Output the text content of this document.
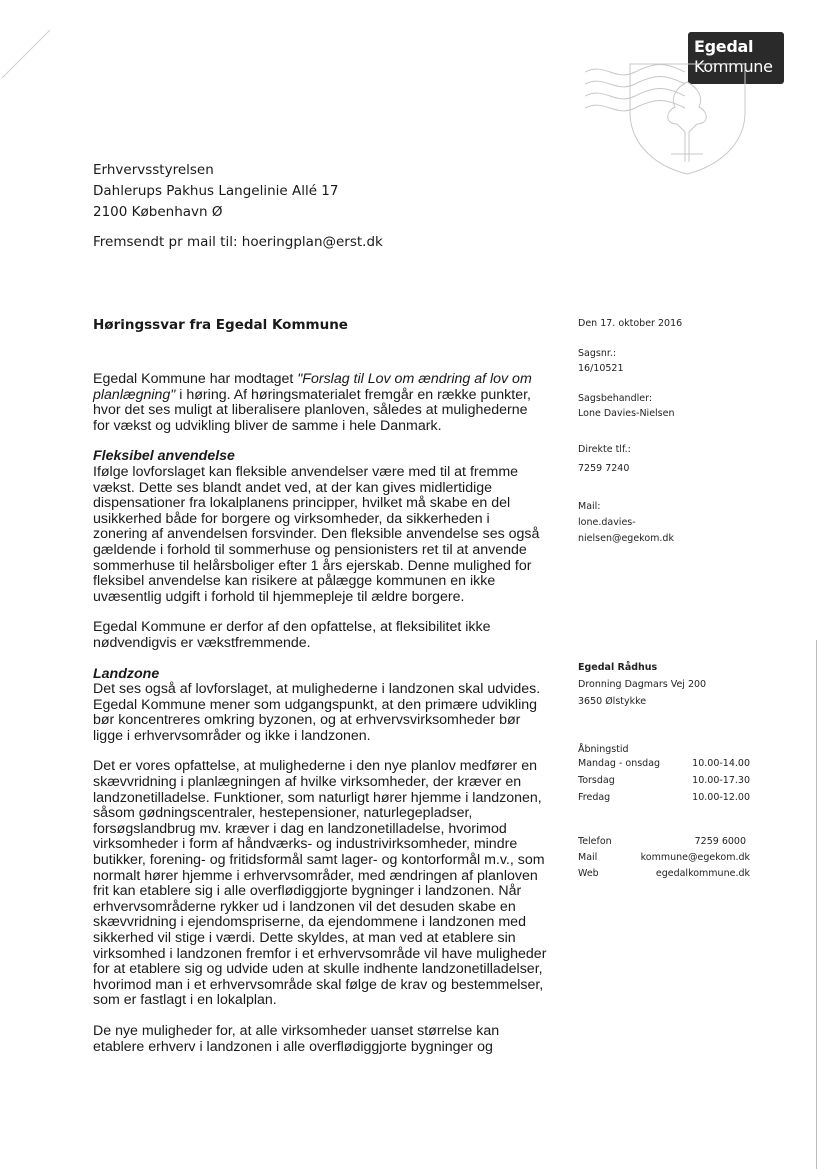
Egedal
Kommune
Erhvervsstyrelsen
Dahlerups Pakhus Langelinie Allé 17
2100 København Ø
Fremsendt pr mail til: hoeringplan@erst.dk
Høringssvar fra Egedal Kommune

Egedal Kommune har modtaget "Forslag til Lov om ændring af lov om planlægning" i høring. Af høringsmaterialet fremgår en række punkter, hvor det ses muligt at liberalisere planloven, således at mulighederne for vækst og udvikling bliver de samme i hele Danmark.

Fleksibel anvendelse

Ifølge lovforslaget kan fleksible anvendelser være med til at fremme vækst. Dette ses blandt andet ved, at der kan gives midlertidige dispensationer fra lokalplanens principper, hvilket må skabe en del usikkerhed både for borgere og virksomheder, da sikkerheden i zonering af anvendelsen forsvinder. Den fleksible anvendelse ses også gældende i forhold til sommerhuse og pensionisters ret til at anvende sommerhuse til helårsboliger efter 1 års ejerskab. Denne mulighed for fleksibel anvendelse kan risikere at pålægge kommunen en ikke uvæsentlig udgift i forhold til hjemmepleje til ældre borgere.

Egedal Kommune er derfor af den opfattelse, at fleksibilitet ikke nødvendigvis er vækstfremmende.

Landzone

Det ses også af lovforslaget, at mulighederne i landzonen skal udvides. Egedal Kommune mener som udgangspunkt, at den primære udvikling bør koncentreres omkring byzonen, og at erhvervsvirksomheder bør ligge i erhvervsområder og ikke i landzonen.

Det er vores opfattelse, at mulighederne i den nye planlov medfører en skævvridning i planlægningen af hvilke virksomheder, der kræver en landzonetilladelse. Funktioner, som naturligt hører hjemme i landzonen, såsom gødningscentraler, hestepensioner, naturlegepladser, forsøgslandbrug mv. kræver i dag en landzonetilladelse, hvorimod virksomheder i form af håndværks- og industrivirksomheder, mindre butikker, forening- og fritidsformål samt lager- og kontorformål m.v., som normalt hører hjemme i erhvervsområder, med ændringen af planloven frit kan etablere sig i alle overflødiggjorte bygninger i landzonen. Når erhvervsområderne rykker ud i landzonen vil det desuden skabe en skævvridning i ejendomspriserne, da ejendommene i landzonen med sikkerhed vil stige i værdi. Dette skyldes, at man ved at etablere sin virksomhed i landzonen fremfor i et erhvervsområde vil have muligheder for at etablere sig og udvide uden at skulle indhente landzonetilladelser, hvorimod man i et erhvervsområde skal følge de krav og bestemmelser, som er fastlagt i en lokalplan.

De nye muligheder for, at alle virksomheder uanset størrelse kan etablere erhverv i landzonen i alle overflødiggjorte bygninger og

Den 17. oktober 2016
Sagsnr.:
16/10521
Sagsbehandler:
Lone Davies-Nielsen
Direkte tlf.:
7259 7240
Mail:
lone.davies-
nielsen@egekom.dk
Egedal Rådhus
Dronning Dagmars Vej 200
3650 Ølstykke
Åbningstid
Mandag - onsdag	10.00-14.00
Torsdag	10.00-17.30
Fredag	10.00-12.00
Telefon	7259 6000
Mail	kommune@egekom.dk
Web	egedalkommune.dk
